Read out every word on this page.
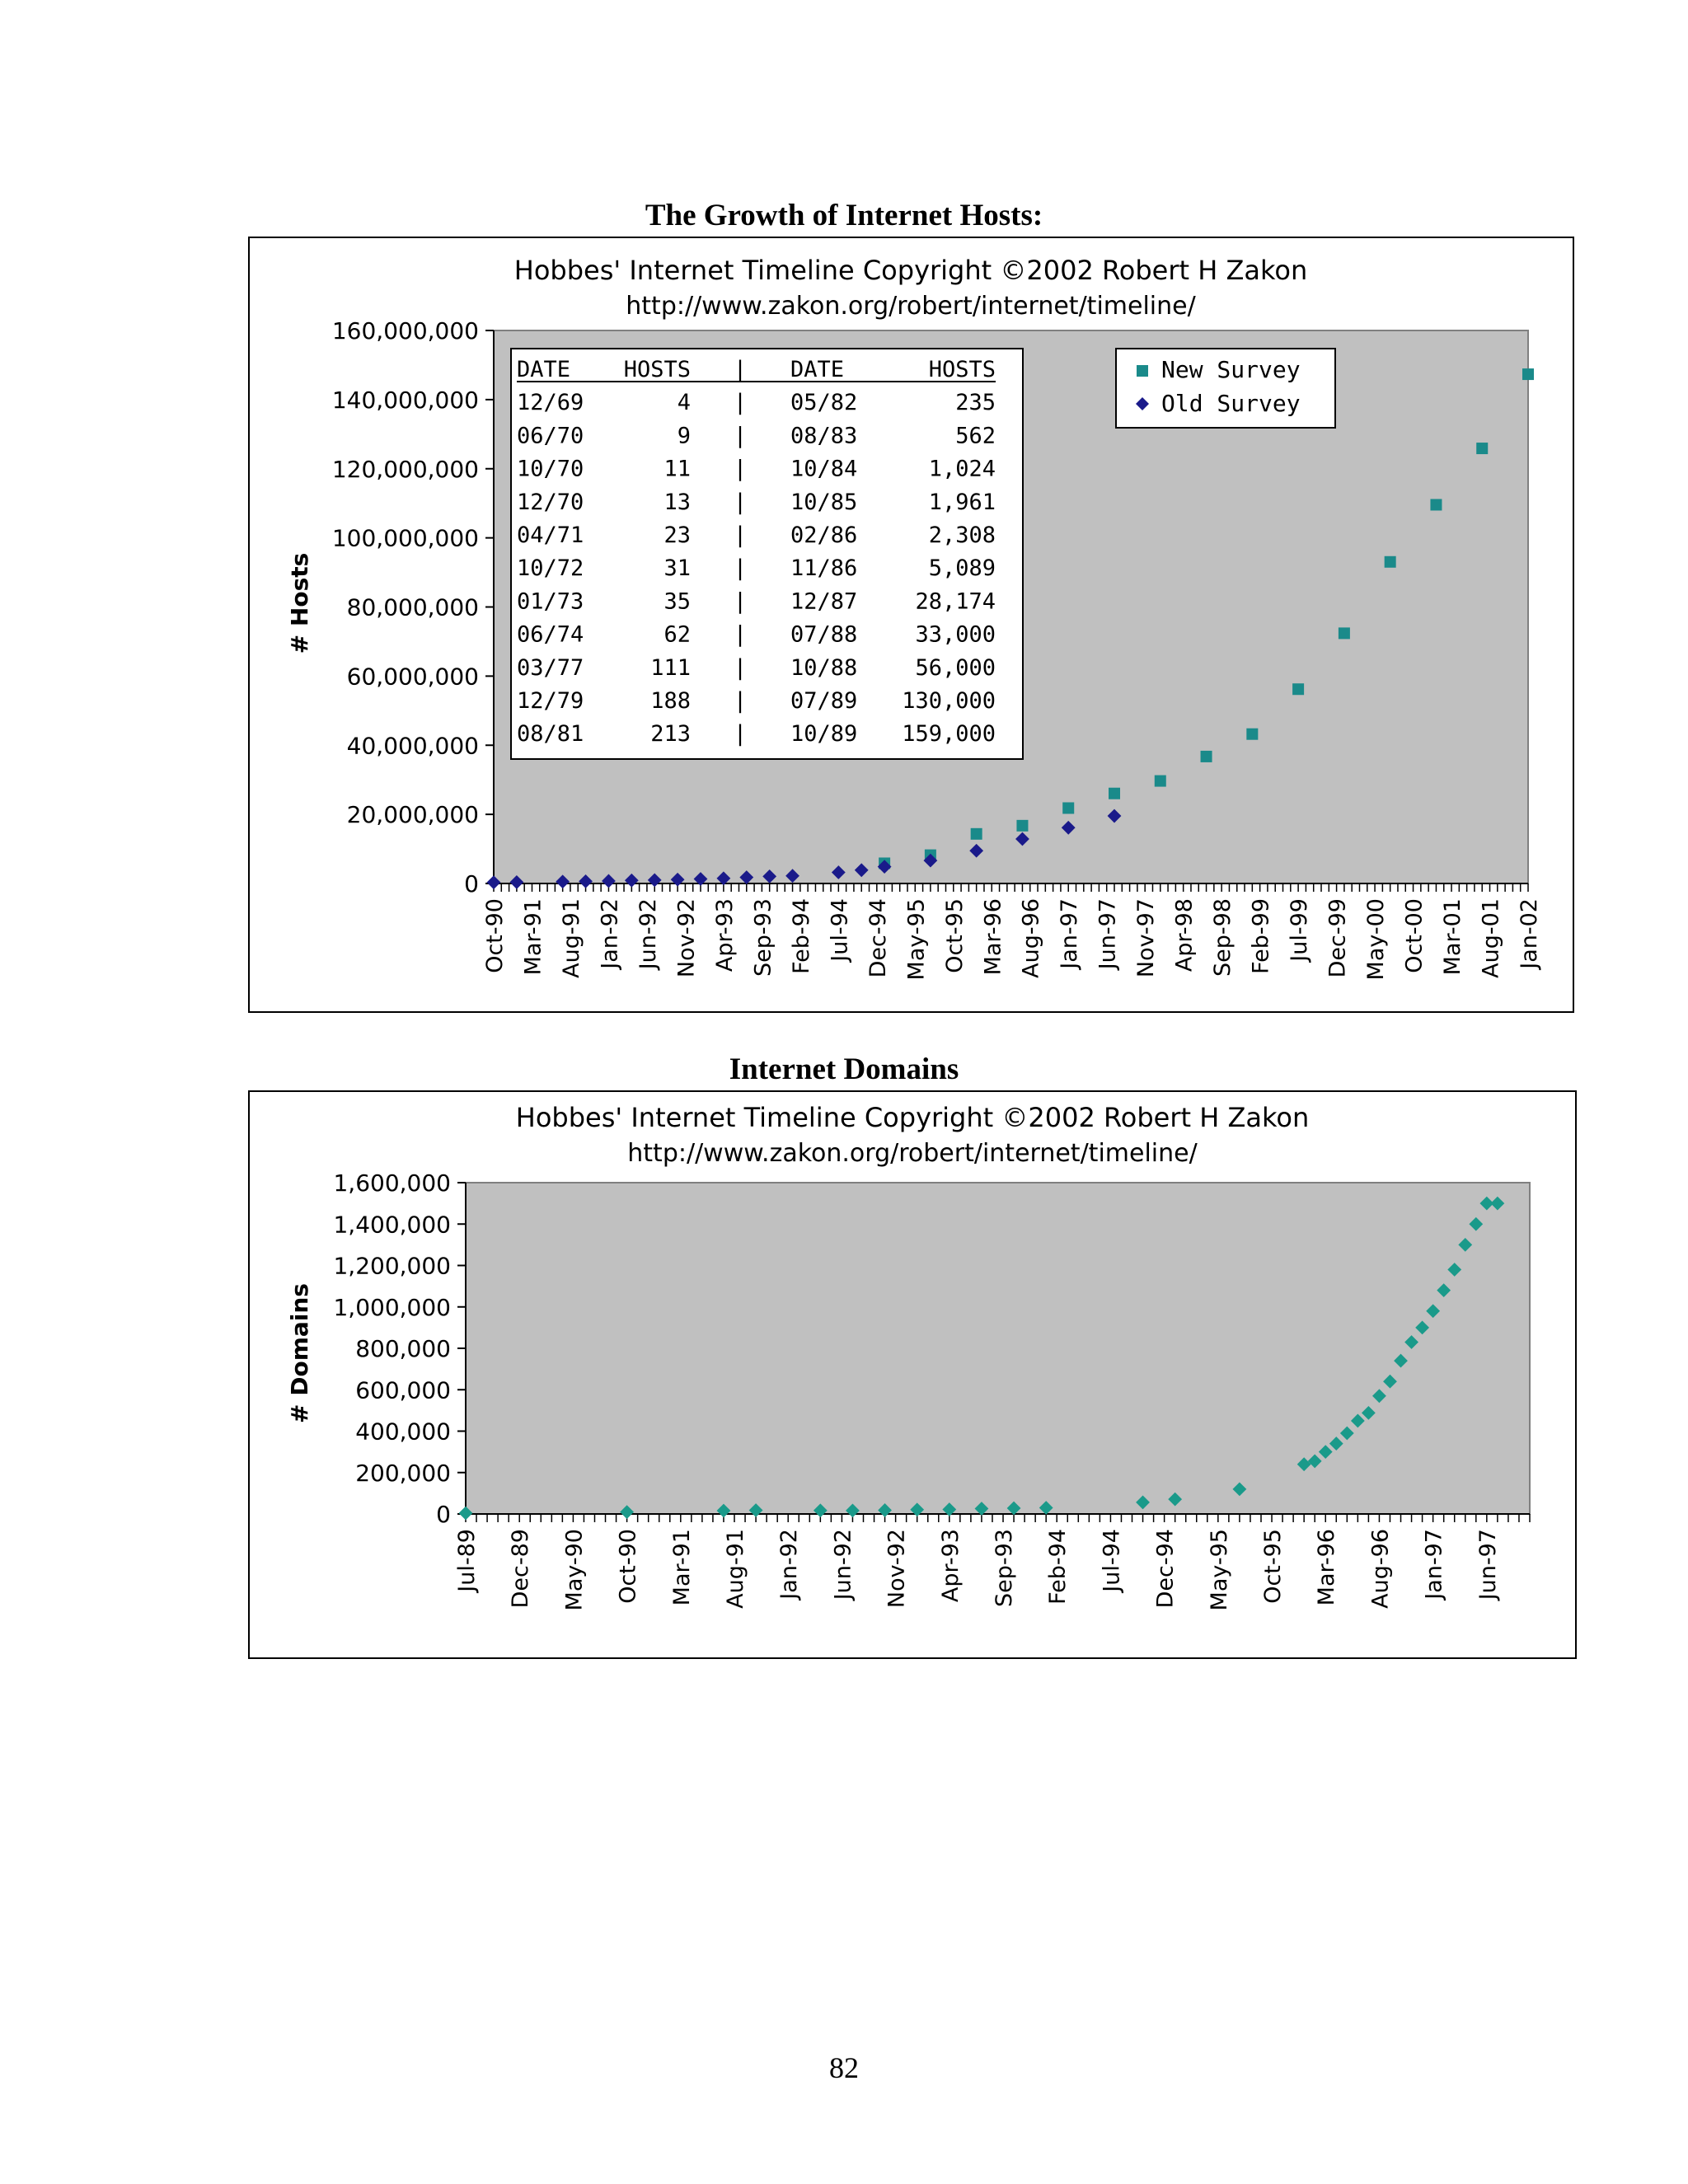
The Growth of Internet Hosts:
Hobbes' Internet Timeline Copyright ©2002 Robert H Zakon
http://www.zakon.org/robert/internet/timeline/
0
20,000,000
40,000,000
60,000,000
80,000,000
100,000,000
120,000,000
140,000,000
160,000,000
Oct-90 Mar-91 Aug-91 Jan-92 Jun-92 Nov-92 Apr-93 Sep-93 Feb-94 Jul-94 Dec-94 May-95 Oct-95 Mar-96 Aug-96 Jan-97 Jun-97 Nov-97 Apr-98 Sep-98 Feb-99 Jul-99 Dec-99 May-00 Oct-00 Mar-01 Aug-01 Jan-02
# Hosts
DATE HOSTS | DATE	HOSTS
12/69	4 | 05/82	235
06/70	9 | 08/83	562
10/70	11 | 10/84	1,024
12/70	13 | 10/85	1,961
04/71	23 | 02/86	2,308
10/72	31 | 11/86	5,089
01/73	35 | 12/87	28,174
06/74	62 | 07/88	33,000
03/77	111 | 10/88	56,000
12/79	188 | 07/89 130,000
08/81	213 | 10/89 159,000
New Survey
Old Survey
Internet Domains
Hobbes' Internet Timeline Copyright ©2002 Robert H Zakon
http://www.zakon.org/robert/internet/timeline/
0
200,000
400,000
600,000
800,000
1,000,000
1,200,000
1,400,000
1,600,000
Jul-89 Dec-89 May-90 Oct-90 Mar-91 Aug-91 Jan-92 Jun-92 Nov-92 Apr-93 Sep-93 Feb-94 Jul-94 Dec-94 May-95 Oct-95 Mar-96 Aug-96 Jan-97 Jun-97
# Domains
82
